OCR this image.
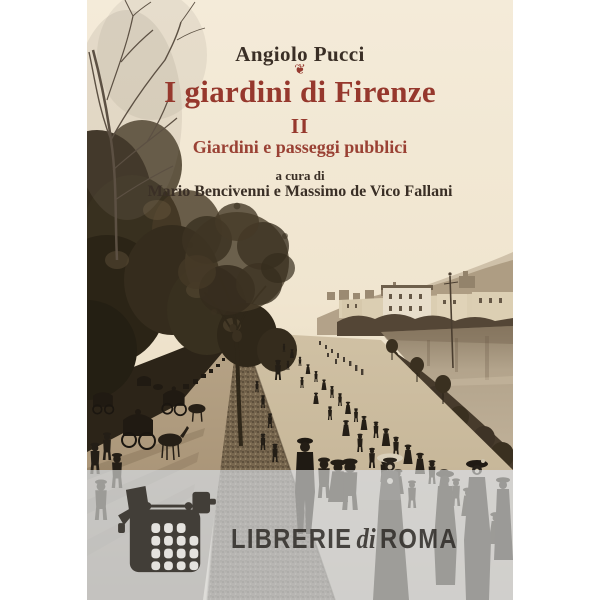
Angiolo Pucci
❦
I giardini di Firenze
II
Giardini e passeggi pubblici
a cura di
Mario Bencivenni e Massimo de Vico Fallani
LIBRERIE di ROMA
